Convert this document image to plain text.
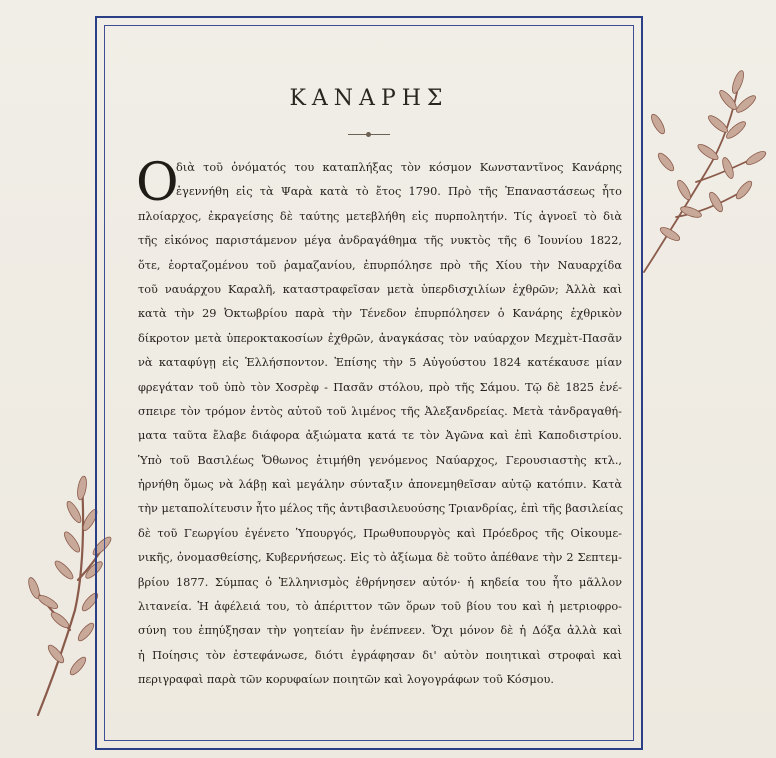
ΚΑΝΑΡΗΣ
Ο
διὰ τοῦ ὀνόματός του καταπλήξας τὸν κόσμον Κωνσταντῖνος Κανάρης
ἐγεννήθη εἰς τὰ Ψαρὰ κατὰ τὸ ἔτος 1790. Πρὸ τῆς Ἐπαναστάσεως ἦτο
πλοίαρχος, ἐκραγείσης δὲ ταύτης μετεβλήθη εἰς πυρπολητήν. Τίς ἀγνοεῖ τὸ διὰ
τῆς εἰκόνος παριστάμενον μέγα ἀνδραγάθημα τῆς νυκτὸς τῆς 6 Ἰουνίου 1822,
ὅτε, ἑορταζομένου τοῦ ῥαμαζανίου, ἐπυρπόλησε πρὸ τῆς Χίου τὴν Ναυαρχίδα
τοῦ ναυάρχου Καραλῆ, καταστραφεῖσαν μετὰ ὑπερδισχιλίων ἐχθρῶν; Ἀλλὰ καὶ
κατὰ τὴν 29 Ὀκτωβρίου παρὰ τὴν Τένεδον ἐπυρπόλησεν ὁ Κανάρης ἐχθρικὸν
δίκροτον μετὰ ὑπεροκτακοσίων ἐχθρῶν, ἀναγκάσας τὸν ναύαρχον Μεχμὲτ-Πασᾶν
νὰ καταφύγῃ εἰς Ἑλλήσποντον. Ἐπίσης τὴν 5 Αὐγούστου 1824 κατέκαυσε μίαν
φρεγάταν τοῦ ὑπὸ τὸν Χοσρὲφ - Πασᾶν στόλου, πρὸ τῆς Σάμου. Τῷ δὲ 1825 ἐνέ-
σπειρε τὸν τρόμον ἐντὸς αὐτοῦ τοῦ λιμένος τῆς Ἀλεξανδρείας. Μετὰ τἀνδραγαθή-
ματα ταῦτα ἔλαβε διάφορα ἀξιώματα κατά τε τὸν Ἀγῶνα καὶ ἐπὶ Καποδιστρίου.
Ὑπὸ τοῦ Βασιλέως Ὄθωνος ἐτιμήθη γενόμενος Ναύαρχος, Γερουσιαστὴς κτλ.,
ἠρνήθη ὅμως νὰ λάβῃ καὶ μεγάλην σύνταξιν ἀπονεμηθεῖσαν αὐτῷ κατόπιν. Κατὰ
τὴν μεταπολίτευσιν ἦτο μέλος τῆς ἀντιβασιλευούσης Τριανδρίας, ἐπὶ τῆς βασιλείας
δὲ τοῦ Γεωργίου ἐγένετο Ὑπουργός, Πρωθυπουργὸς καὶ Πρόεδρος τῆς Οἰκουμε-
νικῆς, ὀνομασθείσης, Κυβερνήσεως. Εἰς τὸ ἀξίωμα δὲ τοῦτο ἀπέθανε τὴν 2 Σεπτεμ-
βρίου 1877. Σύμπας ὁ Ἑλληνισμὸς ἐθρήνησεν αὐτόν· ἡ κηδεία του ἦτο μᾶλλον
λιτανεία. Ἡ ἀφέλειά του, τὸ ἀπέριττον τῶν ὅρων τοῦ βίου του καὶ ἡ μετριοφρο-
σύνη του ἐπηύξησαν τὴν γοητείαν ἣν ἐνέπνεεν. Ὄχι μόνον δὲ ἡ Δόξα ἀλλὰ καὶ
ἡ Ποίησις τὸν ἐστεφάνωσε, διότι ἐγράφησαν δι' αὐτὸν ποιητικαὶ στροφαὶ καὶ
περιγραφαὶ παρὰ τῶν κορυφαίων ποιητῶν καὶ λογογράφων τοῦ Κόσμου.
